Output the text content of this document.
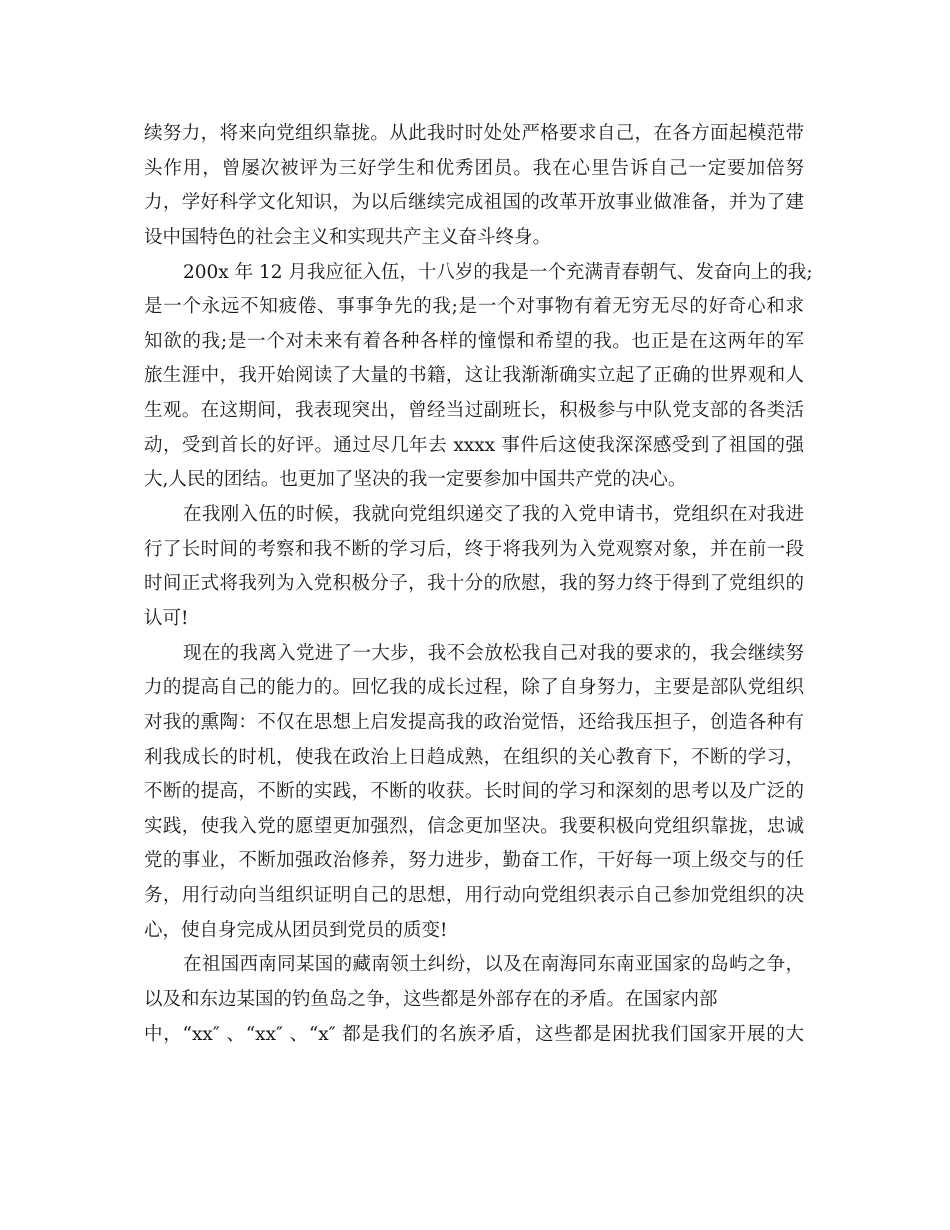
续努力，将来向党组织靠拢。从此我时时处处严格要求自己，在各方面起模范带
头作用，曾屡次被评为三好学生和优秀团员。我在心里告诉自己一定要加倍努
力，学好科学文化知识，为以后继续完成祖国的改革开放事业做准备，并为了建
设中国特色的社会主义和实现共产主义奋斗终身。
200x 年 12 月我应征入伍，十八岁的我是一个充满青春朝气、发奋向上的我;
是一个永远不知疲倦、事事争先的我;是一个对事物有着无穷无尽的好奇心和求
知欲的我;是一个对未来有着各种各样的憧憬和希望的我。也正是在这两年的军
旅生涯中，我开始阅读了大量的书籍，这让我渐渐确实立起了正确的世界观和人
生观。在这期间，我表现突出，曾经当过副班长，积极参与中队党支部的各类活
动，受到首长的好评。通过尽几年去 xxxx 事件后这使我深深感受到了祖国的强
大,人民的团结。也更加了坚决的我一定要参加中国共产党的决心。
在我刚入伍的时候，我就向党组织递交了我的入党申请书，党组织在对我进
行了长时间的考察和我不断的学习后，终于将我列为入党观察对象，并在前一段
时间正式将我列为入党积极分子，我十分的欣慰，我的努力终于得到了党组织的
认可!
现在的我离入党进了一大步，我不会放松我自己对我的要求的，我会继续努
力的提高自己的能力的。回忆我的成长过程，除了自身努力，主要是部队党组织
对我的熏陶：不仅在思想上启发提高我的政治觉悟，还给我压担子，创造各种有
利我成长的时机，使我在政治上日趋成熟，在组织的关心教育下，不断的学习，
不断的提高，不断的实践，不断的收获。长时间的学习和深刻的思考以及广泛的
实践，使我入党的愿望更加强烈，信念更加坚决。我要积极向党组织靠拢，忠诚
党的事业，不断加强政治修养，努力进步，勤奋工作，干好每一项上级交与的任
务，用行动向当组织证明自己的思想，用行动向党组织表示自己参加党组织的决
心，使自身完成从团员到党员的质变!
在祖国西南同某国的藏南领土纠纷，以及在南海同东南亚国家的岛屿之争，
以及和东边某国的钓鱼岛之争，这些都是外部存在的矛盾。在国家内部
中，“xx″ 、“xx″ 、“x″ 都是我们的名族矛盾，这些都是困扰我们国家开展的大
